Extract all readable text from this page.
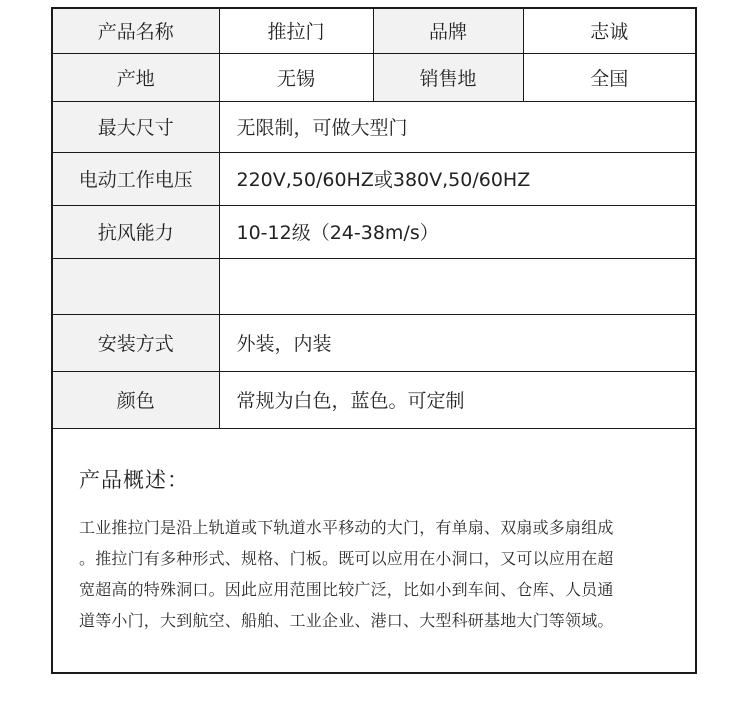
产品名称	推拉门	品牌	志诚
产地	无锡	销售地	全国
最大尺寸	无限制，可做大型门		
电动工作电压	220V,50/60HZ或380V,50/60HZ		
抗风能力	10-12级（24-38m/s）		

安装方式	外装，内装		
颜色	常规为白色，蓝色。可定制		
产品概述：
工业推拉门是沿上轨道或下轨道水平移动的大门，有单扇、双扇或多扇组成
。推拉门有多种形式、规格、门板。既可以应用在小洞口，又可以应用在超
宽超高的特殊洞口。因此应用范围比较广泛，比如小到车间、仓库、人员通
道等小门，大到航空、船舶、工业企业、港口、大型科研基地大门等领域。
